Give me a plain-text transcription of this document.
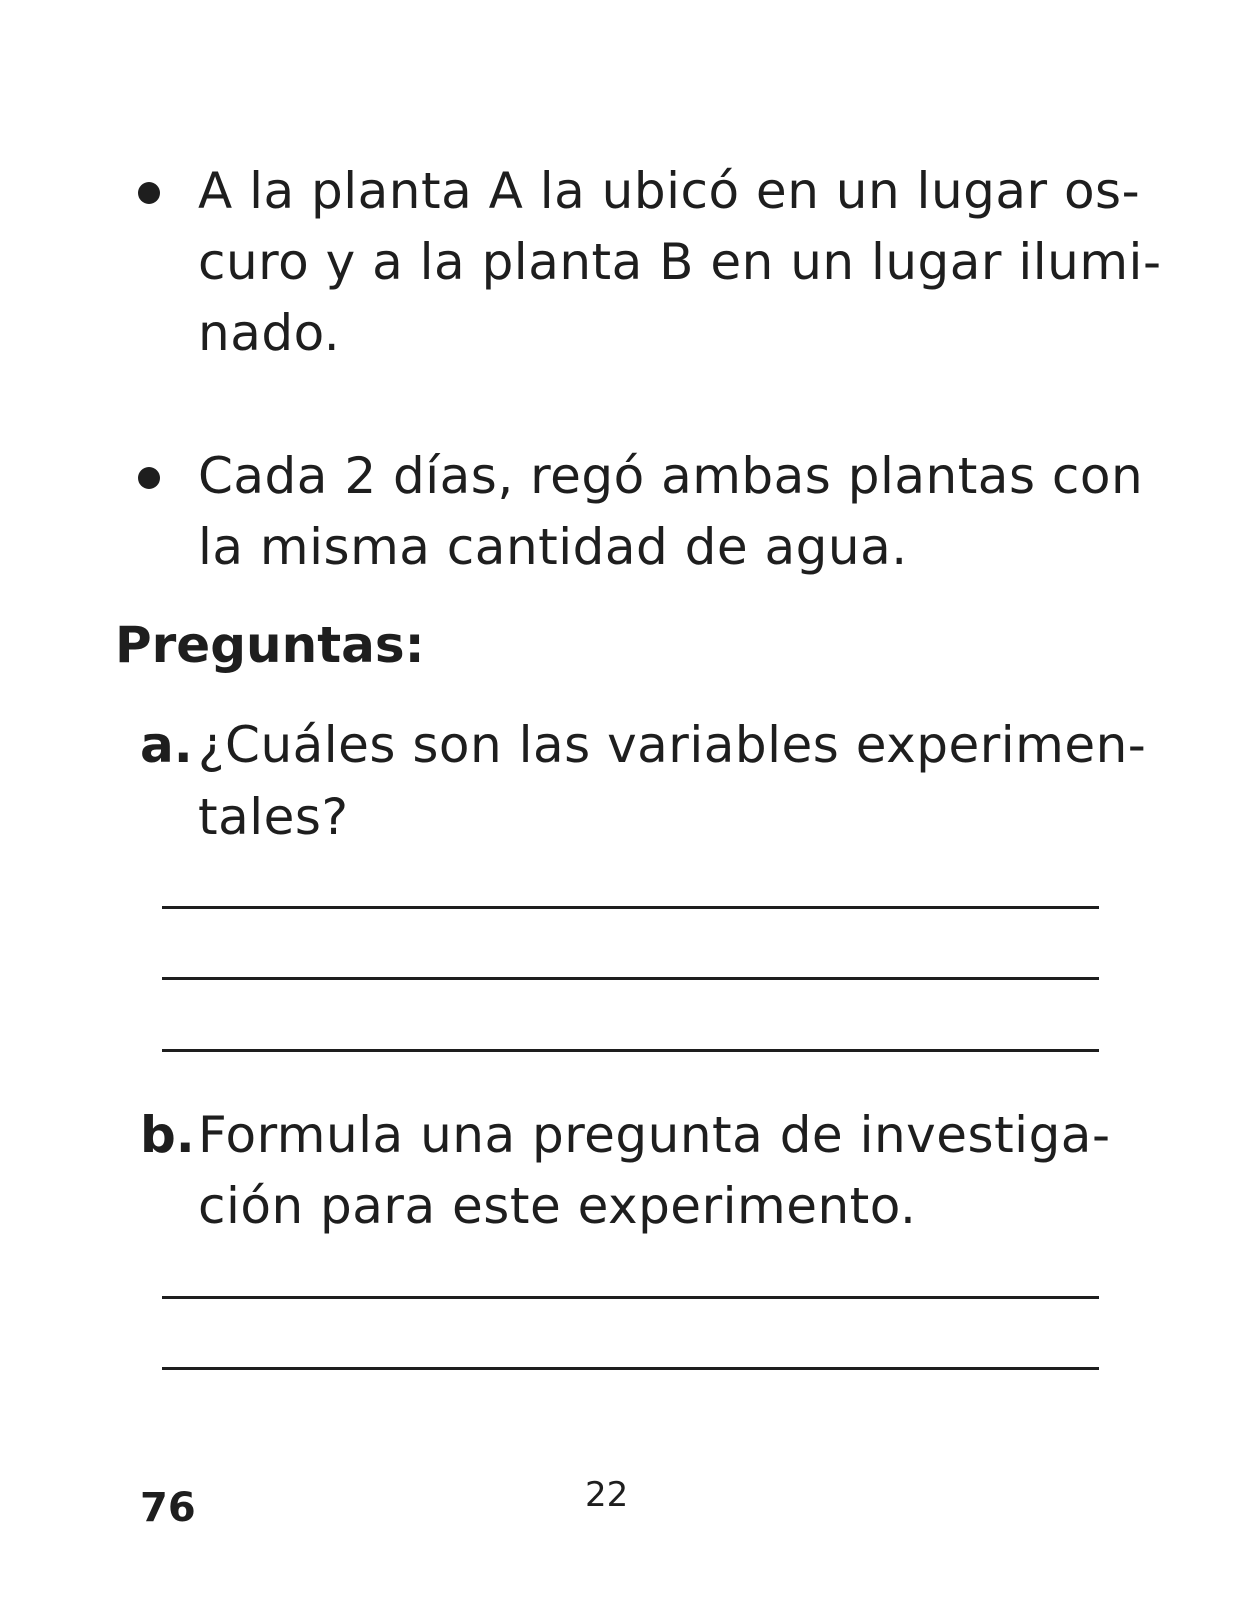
A la planta A la ubicó en un lugar os-
curo y a la planta B en un lugar ilumi-
nado.
Cada 2 días, regó ambas plantas con
la misma cantidad de agua.
Preguntas:
a. ¿Cuáles son las variables experimen-
tales?
b. Formula una pregunta de investiga-
ción para este experimento.
76	22
